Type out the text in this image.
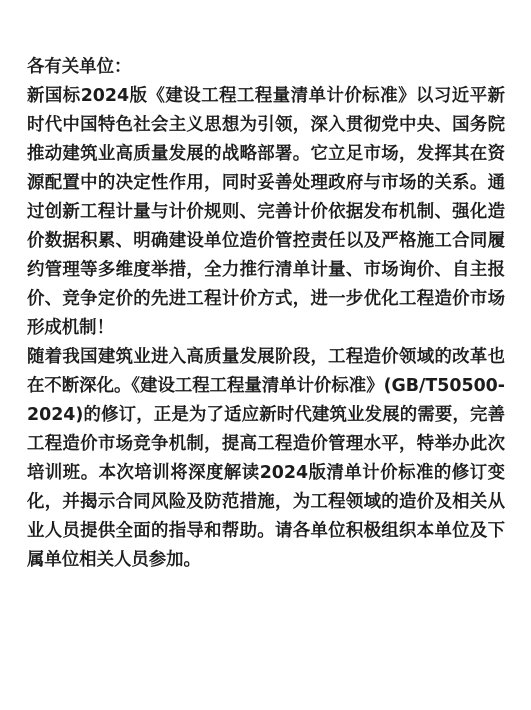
各有关单位：

新国标2024版《建设工程工程量清单计价标准》以习近平新时代中国特色社会主义思想为引领，深入贯彻党中央、国务院推动建筑业高质量发展的战略部署。它立足市场，发挥其在资源配置中的决定性作用，同时妥善处理政府与市场的关系。通过创新工程计量与计价规则、完善计价依据发布机制、强化造价数据积累、明确建设单位造价管控责任以及严格施工合同履约管理等多维度举措，全力推行清单计量、市场询价、自主报价、竞争定价的先进工程计价方式，进一步优化工程造价市场形成机制！

随着我国建筑业进入高质量发展阶段，工程造价领域的改革也在不断深化。《建设工程工程量清单计价标准》(GB/T50500-2024)的修订，正是为了适应新时代建筑业发展的需要，完善工程造价市场竞争机制，提高工程造价管理水平，特举办此次培训班。本次培训将深度解读2024版清单计价标准的修订变化，并揭示合同风险及防范措施，为工程领域的造价及相关从业人员提供全面的指导和帮助。请各单位积极组织本单位及下属单位相关人员参加。
